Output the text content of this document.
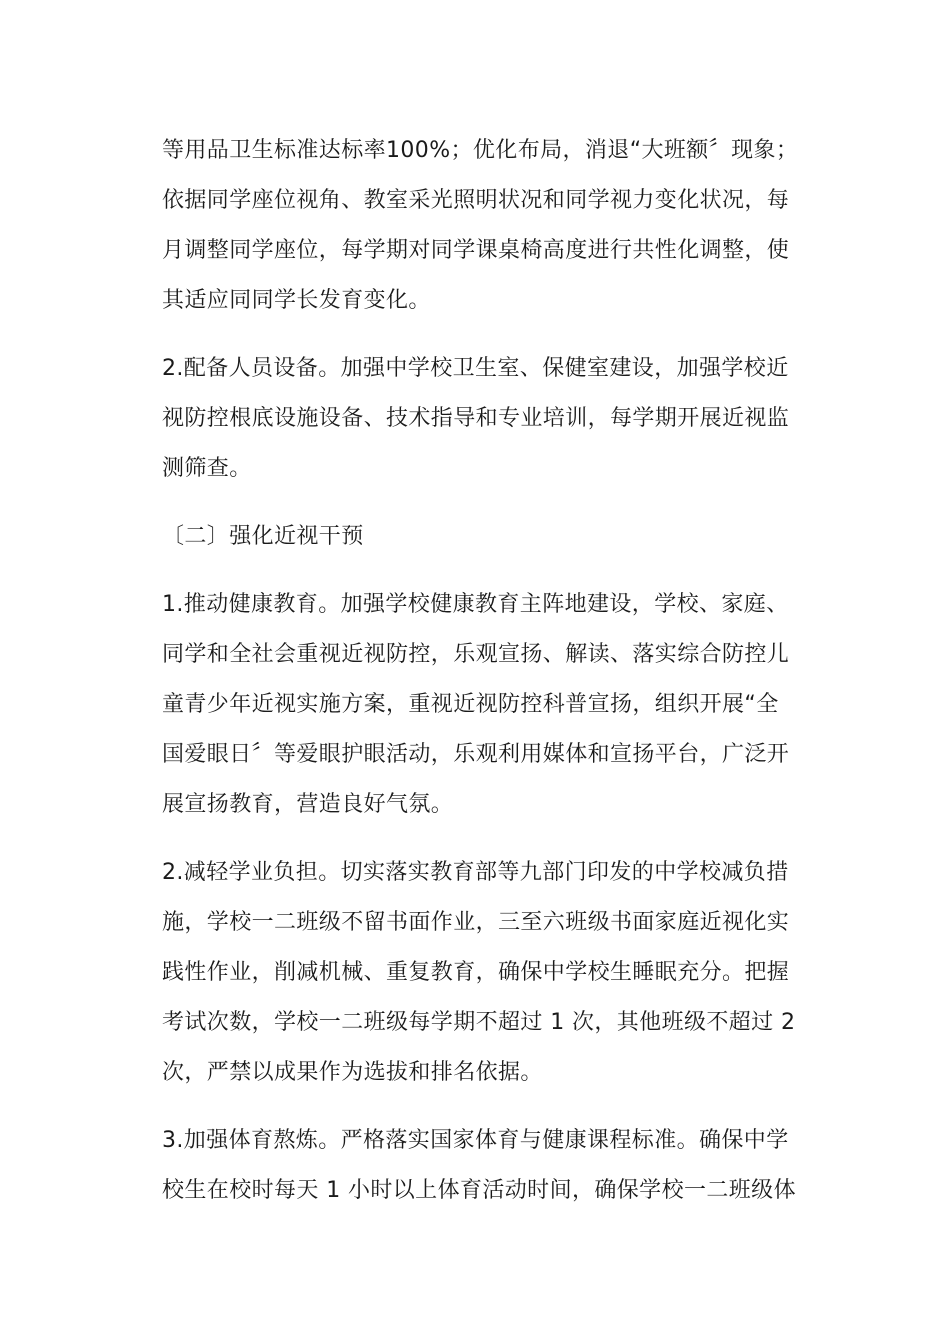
等用品卫生标准达标率100%；优化布局，消退“大班额〞现象；
依据同学座位视角、教室采光照明状况和同学视力变化状况，每
月调整同学座位，每学期对同学课桌椅高度进行共性化调整，使
其适应同同学长发育变化。
2.配备人员设备。加强中学校卫生室、保健室建设，加强学校近
视防控根底设施设备、技术指导和专业培训，每学期开展近视监
测筛查。
〔二〕强化近视干预
1.推动健康教育。加强学校健康教育主阵地建设，学校、家庭、
同学和全社会重视近视防控，乐观宣扬、解读、落实综合防控儿
童青少年近视实施方案，重视近视防控科普宣扬，组织开展“全
国爱眼日〞等爱眼护眼活动，乐观利用媒体和宣扬平台，广泛开
展宣扬教育，营造良好气氛。
2.减轻学业负担。切实落实教育部等九部门印发的中学校减负措
施，学校一二班级不留书面作业，三至六班级书面家庭近视化实
践性作业，削减机械、重复教育，确保中学校生睡眠充分。把握
考试次数，学校一二班级每学期不超过 1 次，其他班级不超过 2
次，严禁以成果作为选拔和排名依据。
3.加强体育熬炼。严格落实国家体育与健康课程标准。确保中学
校生在校时每天 1 小时以上体育活动时间，确保学校一二班级体
